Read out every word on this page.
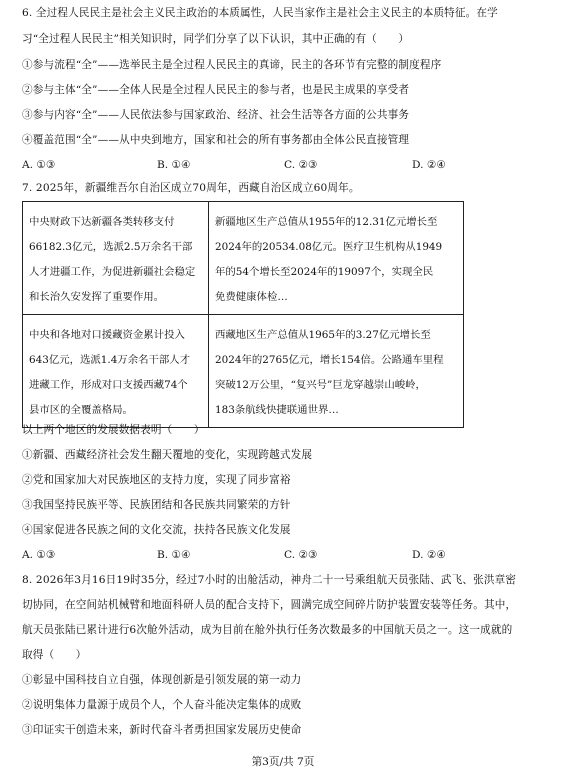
6. 全过程人民民主是社会主义民主政治的本质属性，人民当家作主是社会主义民主的本质特征。在学
习“全过程人民民主”相关知识时，同学们分享了以下认识，其中正确的有（　　）
①参与流程“全”——选举民主是全过程人民民主的真谛，民主的各环节有完整的制度程序
②参与主体“全”——全体人民是全过程人民民主的参与者，也是民主成果的享受者
③参与内容“全”——人民依法参与国家政治、经济、社会生活等各方面的公共事务
④覆盖范围“全”——从中央到地方，国家和社会的所有事务都由全体公民直接管理
A. ①③	B. ①④	C. ②③	D. ②④
7. 2025年，新疆维吾尔自治区成立70周年，西藏自治区成立60周年。
中央财政下达新疆各类转移支付
66182.3亿元，选派2.5万余名干部
人才进疆工作，为促进新疆社会稳定
和长治久安发挥了重要作用。	新疆地区生产总值从1955年的12.31亿元增长至
2024年的20534.08亿元。医疗卫生机构从1949
年的54个增长至2024年的19097个，实现全民
免费健康体检…

中央和各地对口援藏资金累计投入
643亿元，选派1.4万余名干部人才
进藏工作，形成对口支援西藏74个
县市区的全覆盖格局。	西藏地区生产总值从1965年的3.27亿元增长至
2024年的2765亿元，增长154倍。公路通车里程
突破12万公里，“复兴号”巨龙穿越崇山峻岭，
183条航线快捷联通世界…
以上两个地区的发展数据表明（　　）
①新疆、西藏经济社会发生翻天覆地的变化，实现跨越式发展
②党和国家加大对民族地区的支持力度，实现了同步富裕
③我国坚持民族平等、民族团结和各民族共同繁荣的方针
④国家促进各民族之间的文化交流，扶持各民族文化发展
A. ①③	B. ①④	C. ②③	D. ②④
8. 2026年3月16日19时35分，经过7小时的出舱活动，神舟二十一号乘组航天员张陆、武飞、张洪章密
切协同，在空间站机械臂和地面科研人员的配合支持下，圆满完成空间碎片防护装置安装等任务。其中，
航天员张陆已累计进行6次舱外活动，成为目前在舱外执行任务次数最多的中国航天员之一。这一成就的
取得（　　）
①彰显中国科技自立自强，体现创新是引领发展的第一动力
②说明集体力量源于成员个人，个人奋斗能决定集体的成败
③印证实干创造未来，新时代奋斗者勇担国家发展历史使命
第3页/共 7页
